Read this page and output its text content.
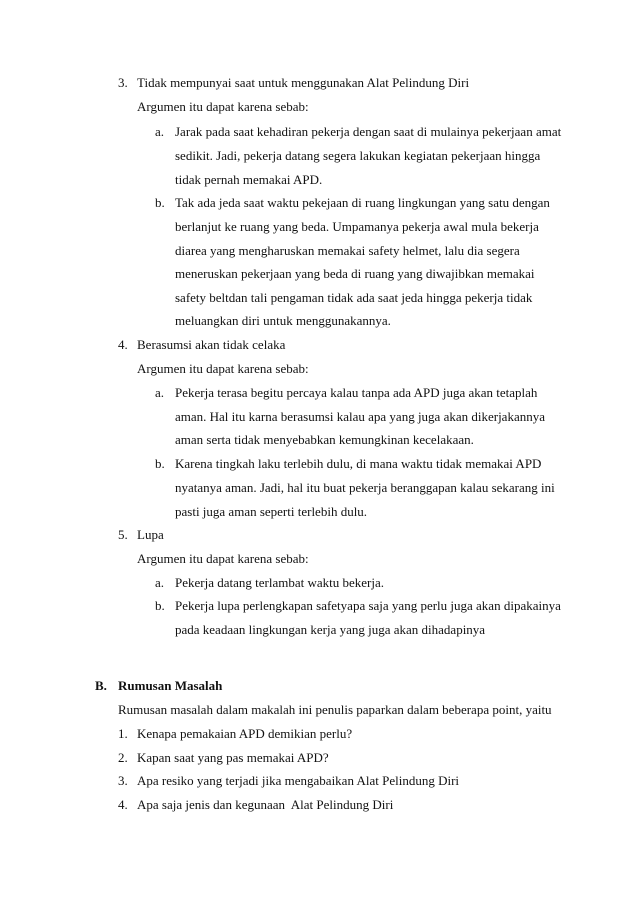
3. Tidak mempunyai saat untuk menggunakan Alat Pelindung Diri
Argumen itu dapat karena sebab:
a. Jarak pada saat kehadiran pekerja dengan saat di mulainya pekerjaan amat
sedikit. Jadi, pekerja datang segera lakukan kegiatan pekerjaan hingga
tidak pernah memakai APD.
b. Tak ada jeda saat waktu pekejaan di ruang lingkungan yang satu dengan
berlanjut ke ruang yang beda. Umpamanya pekerja awal mula bekerja
diarea yang mengharuskan memakai safety helmet, lalu dia segera
meneruskan pekerjaan yang beda di ruang yang diwajibkan memakai
safety beltdan tali pengaman tidak ada saat jeda hingga pekerja tidak
meluangkan diri untuk menggunakannya.
4. Berasumsi akan tidak celaka
Argumen itu dapat karena sebab:
a. Pekerja terasa begitu percaya kalau tanpa ada APD juga akan tetaplah
aman. Hal itu karna berasumsi kalau apa yang juga akan dikerjakannya
aman serta tidak menyebabkan kemungkinan kecelakaan.
b. Karena tingkah laku terlebih dulu, di mana waktu tidak memakai APD
nyatanya aman. Jadi, hal itu buat pekerja beranggapan kalau sekarang ini
pasti juga aman seperti terlebih dulu.
5. Lupa
Argumen itu dapat karena sebab:
a. Pekerja datang terlambat waktu bekerja.
b. Pekerja lupa perlengkapan safetyapa saja yang perlu juga akan dipakainya
pada keadaan lingkungan kerja yang juga akan dihadapinya
B. Rumusan Masalah
Rumusan masalah dalam makalah ini penulis paparkan dalam beberapa point, yaitu
1. Kenapa pemakaian APD demikian perlu?
2. Kapan saat yang pas memakai APD?
3. Apa resiko yang terjadi jika mengabaikan Alat Pelindung Diri
4. Apa saja jenis dan kegunaan  Alat Pelindung Diri
